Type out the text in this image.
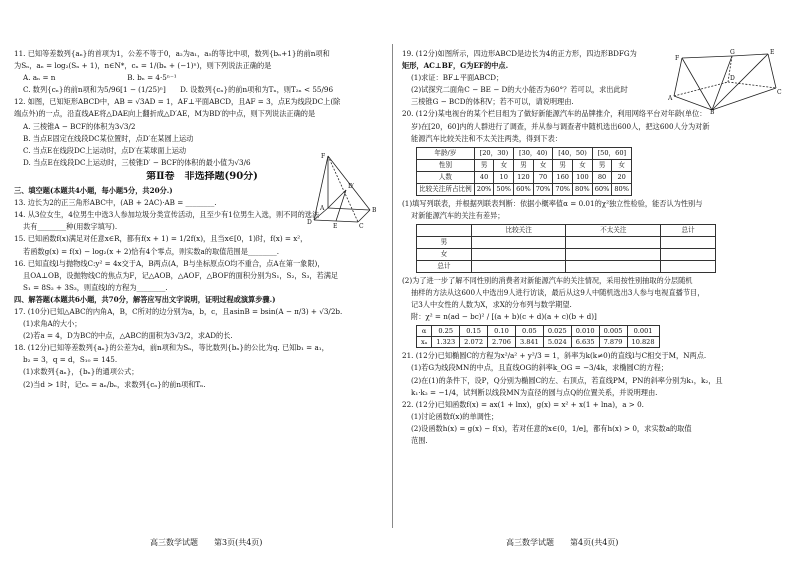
11. 已知等差数列{aₙ}的首项为1，公差不等于0，a₂为a₁，a₅的等比中项，数列{bₙ+1}的前n项和

为Sₙ，aₙ = log₂(Sₙ + 1)，n∈N*，cₙ = 1/(bₙ + (−1)ⁿ)，则下列说法正确的是

A. aₙ = n　　　　　　　　　　B. bₙ = 4·5ⁿ⁻¹

C. 数列{cₙ}的前n项和为5/96[1 − (1/25)ⁿ]　　D. 设数列{cₙ}的前n项和为Tₙ，则T₂ₙ < 55/96

12. 如图，已知矩形ABCD中，AB = √3AD = 1，AF⊥平面ABCD，且AF = 3，点E为线段DC上(除

端点外)的一点，沿直线AE将△DAE向上翻折成△D′AE，M为BD′的中点，则下列说法正确的是

A. 三棱锥A − BCF的体积为3√3/2

B. 当点E固定在线段DC某位置时，点D′在某圆上运动

C. 当点E在线段DC上运动时，点D′在某球面上运动

D. 当点E在线段DC上运动时，三棱锥D′ − BCF的体积的最小值为√3/6

第Ⅱ卷　非选择题(90分)

三、填空题(本题共4小题，每小题5分，共20分.)

13. 边长为2的正三角形ABC中，(AB + 2AC)·AB = ________.

14. 从3位女生，4位男生中选3人参加垃圾分类宣传活动，且至少有1位男生入选，则不同的选法

共有________种(用数字填写).

15. 已知函数f(x)满足对任意x∈R，都有f(x + 1) = 1/2f(x)，且当x∈[0，1)时，f(x) = x²，

若函数g(x) = f(x) − log₂(x + 2)恰有4个零点，则实数a的取值范围是________.

16. 已知直线l与抛物线C:y² = 4x交于A，B两点(A，B与坐标原点O均不重合，点A在第一象限)，

且OA⊥OB，设抛物线C的焦点为F，记△AOB，△AOF，△BOF的面积分别为S₁，S₂，S₃，若满足

S₁ = 8S₂ + 3S₃，则直线l的方程为________.

四、解答题(本题共6小题，共70分，解答应写出文字说明，证明过程或演算步骤.)

17. (10分)已知△ABC的内角A，B，C所对的边分别为a，b，c，且asinB = bsin(A − π/3) + √3/2b.

(1)求角A的大小；

(2)若a = 4，D为BC的中点，△ABC的面积为3√3/2，求AD的长.

18. (12分)已知等差数列{aₙ}的公差为d，前n项和为Sₙ，等比数列{bₙ}的公比为q. 已知b₁ = a₁，

b₂ = 3，q = d，S₁₀ = 145.

(1)求数列{aₙ}，{bₙ}的通项公式；

(2)当d > 1时，记cₙ = aₙ/bₙ，求数列{cₙ}的前n项和Tₙ.

F
D′
A	B
C
D
E

19. (12分)如图所示，四边形ABCD是边长为4的正方形，四边形BDFG为

矩形，AC⊥BF，G为EF的中点.

(1)求证：BF⊥平面ABCD；

(2)试探究二面角C − BE − D的大小能否为60°？若可以，求出此时

三棱锥G − BCD的体积V；若不可以，请说明理由.

20. (12分)某电视台的某个栏目组为了做好新能源汽车的品牌推介，利用网络平台对年龄(单位：

岁)在[20，60]内的人群进行了调查，并从参与调查者中随机选出600人，把这600人分为对新

能源汽车比较关注和不太关注两类，得到下表：

年龄/岁	[20，30)		[30，40)		[40，50)		[50，60]	
性别	男	女	男	女	男	女	男	女
人数	40	10	120	70	160	100	80	20
比较关注所占比例	20%	50%	60%	70%	70%	80%	60%	80%

(1)填写列联表，并根据列联表判断：依据小概率值α = 0.01的χ²独立性检验，能否认为性别与

对新能源汽车的关注有差异；

	比较关注	不太关注	总计
男			
女			
总计			

(2)为了进一步了解不同性别的消费者对新能源汽车的关注情况，采用按性别抽取的分层随机

抽样的方法从这600人中选出9人进行访谈，最后从这9人中随机选出3人参与电视直播节目，

记3人中女性的人数为X，求X的分布列与数学期望.

附：χ² = n(ad − bc)² / [(a + b)(c + d)(a + c)(b + d)]

α	0.25	0.15	0.10	0.05	0.025	0.010	0.005	0.001
xₐ	1.323	2.072	2.706	3.841	5.024	6.635	7.879	10.828

21. (12分)已知椭圆C的方程为x²/a² + y²/3 = 1，斜率为k(k≠0)的直线l与C相交于M，N两点.

(1)若G为线段MN的中点，且直线OG的斜率k_OG = −3/4k，求椭圆C的方程；

(2)在(1)的条件下，设P，Q分别为椭圆C的左、右顶点，若直线PM，PN的斜率分别为k₁，k₂，且

k₁·k₂ = −1/4，试判断以线段MN为直径的圆与点Q的位置关系，并说明理由.

22. (12分)已知函数f(x) = ax(1 + lnx)，g(x) = x² + x(1 + lna)，a > 0.

(1)讨论函数f(x)的单调性；

(2)设函数h(x) = g(x) − f(x)，若对任意的x∈(0，1/e]，都有h(x) > 0，求实数a的取值

范围.

F
G	E
A
B
C
D
高三数学试题　　第3页(共4页)	高三数学试题　　第4页(共4页)
